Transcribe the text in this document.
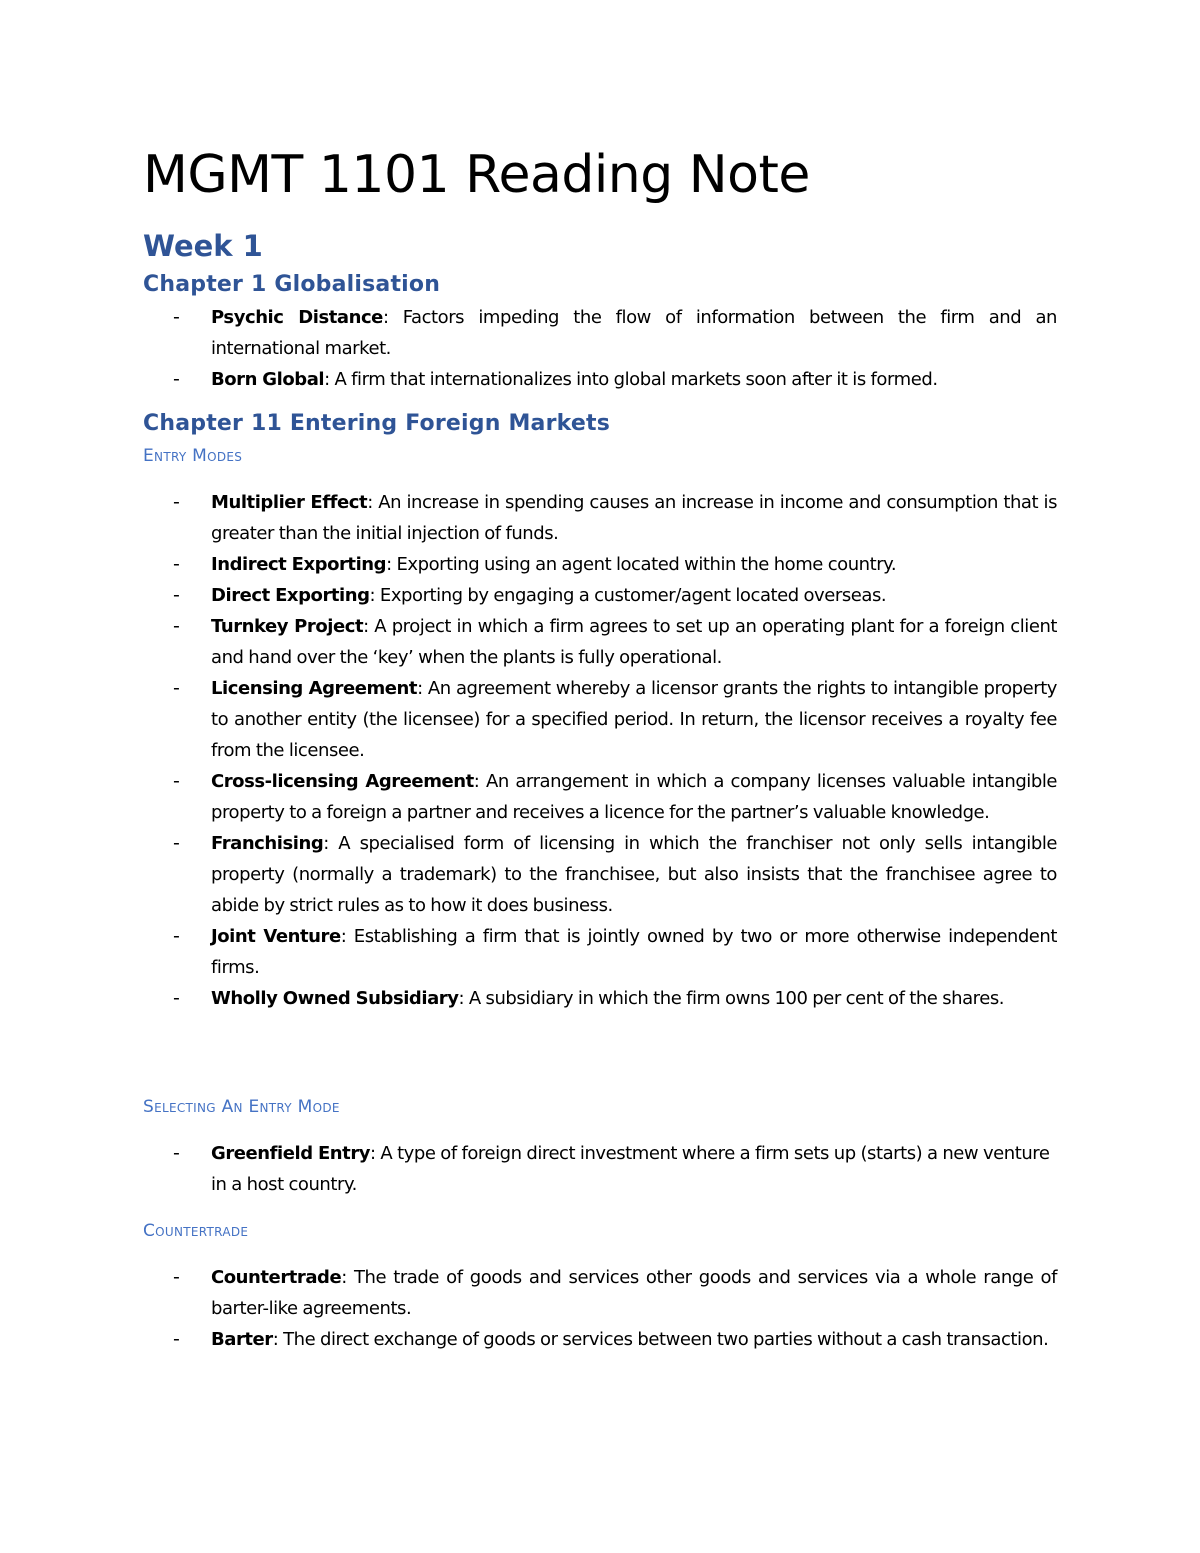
MGMT 1101 Reading Note
Week 1
Chapter 1 Globalisation
- Psychic Distance: Factors impeding the flow of information between the firm and an international market.
- Born Global: A firm that internationalizes into global markets soon after it is formed.
Chapter 11 Entering Foreign Markets
Entry Modes
- Multiplier Effect: An increase in spending causes an increase in income and consumption that is greater than the initial injection of funds.
- Indirect Exporting: Exporting using an agent located within the home country.
- Direct Exporting: Exporting by engaging a customer/agent located overseas.
- Turnkey Project: A project in which a firm agrees to set up an operating plant for a foreign client and hand over the ‘key’ when the plants is fully operational.
- Licensing Agreement: An agreement whereby a licensor grants the rights to intangible property to another entity (the licensee) for a specified period. In return, the licensor receives a royalty fee from the licensee.
- Cross-licensing Agreement: An arrangement in which a company licenses valuable intangible property to a foreign a partner and receives a licence for the partner’s valuable knowledge.
- Franchising: A specialised form of licensing in which the franchiser not only sells intangible property (normally a trademark) to the franchisee, but also insists that the franchisee agree to abide by strict rules as to how it does business.
- Joint Venture: Establishing a firm that is jointly owned by two or more otherwise independent firms.
- Wholly Owned Subsidiary: A subsidiary in which the firm owns 100 per cent of the shares.
Selecting An Entry Mode
- Greenfield Entry: A type of foreign direct investment where a firm sets up (starts) a new venture in a host country.
Countertrade
- Countertrade: The trade of goods and services other goods and services via a whole range of barter-like agreements.
- Barter: The direct exchange of goods or services between two parties without a cash transaction.
